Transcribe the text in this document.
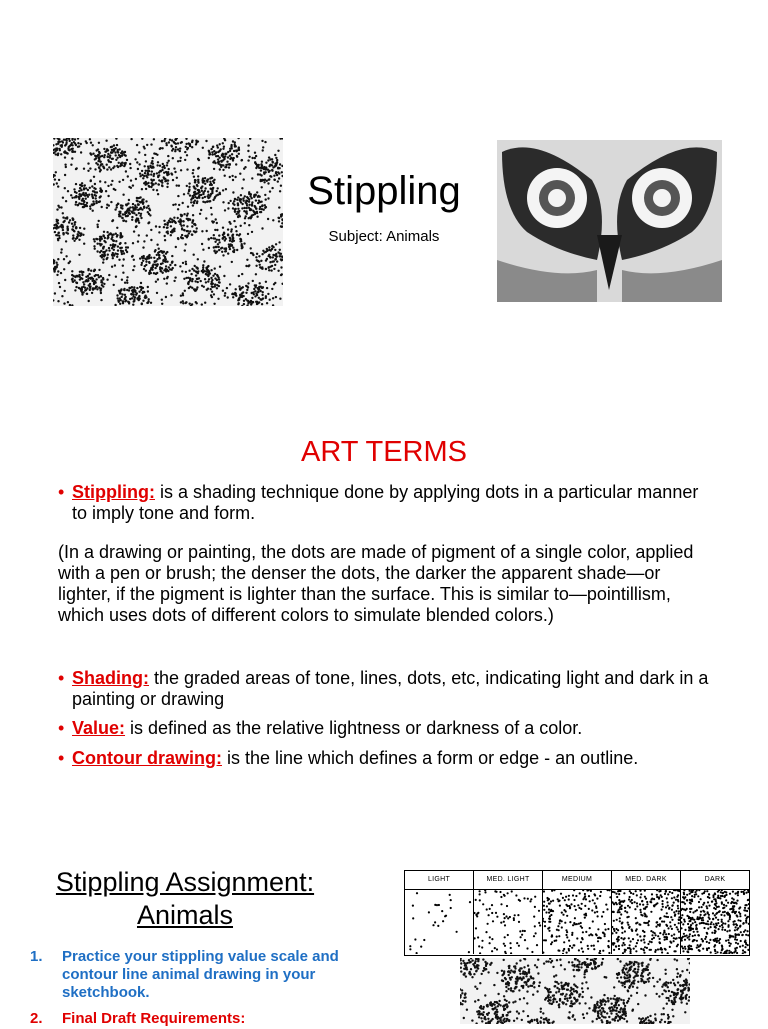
Stippling
Subject: Animals
ART TERMS
• Stippling: is a shading technique done by applying dots in a particular manner to imply tone and form.
(In a drawing or painting, the dots are made of pigment of a single color, applied with a pen or brush; the denser the dots, the darker the apparent shade—or lighter, if the pigment is lighter than the surface. This is similar to—pointillism, which uses dots of different colors to simulate blended colors.)
• Shading: the graded areas of tone, lines, dots, etc, indicating light and dark in a painting or drawing
• Value: is defined as the relative lightness or darkness of a color.
• Contour drawing: is the line which defines a form or edge - an outline.
Stippling Assignment:
Animals
1.	Practice your stippling value scale and contour line animal drawing in your sketchbook.
2.	Final Draft Requirements:
LIGHT	MED. LIGHT	MEDIUM	MED. DARK	DARK
